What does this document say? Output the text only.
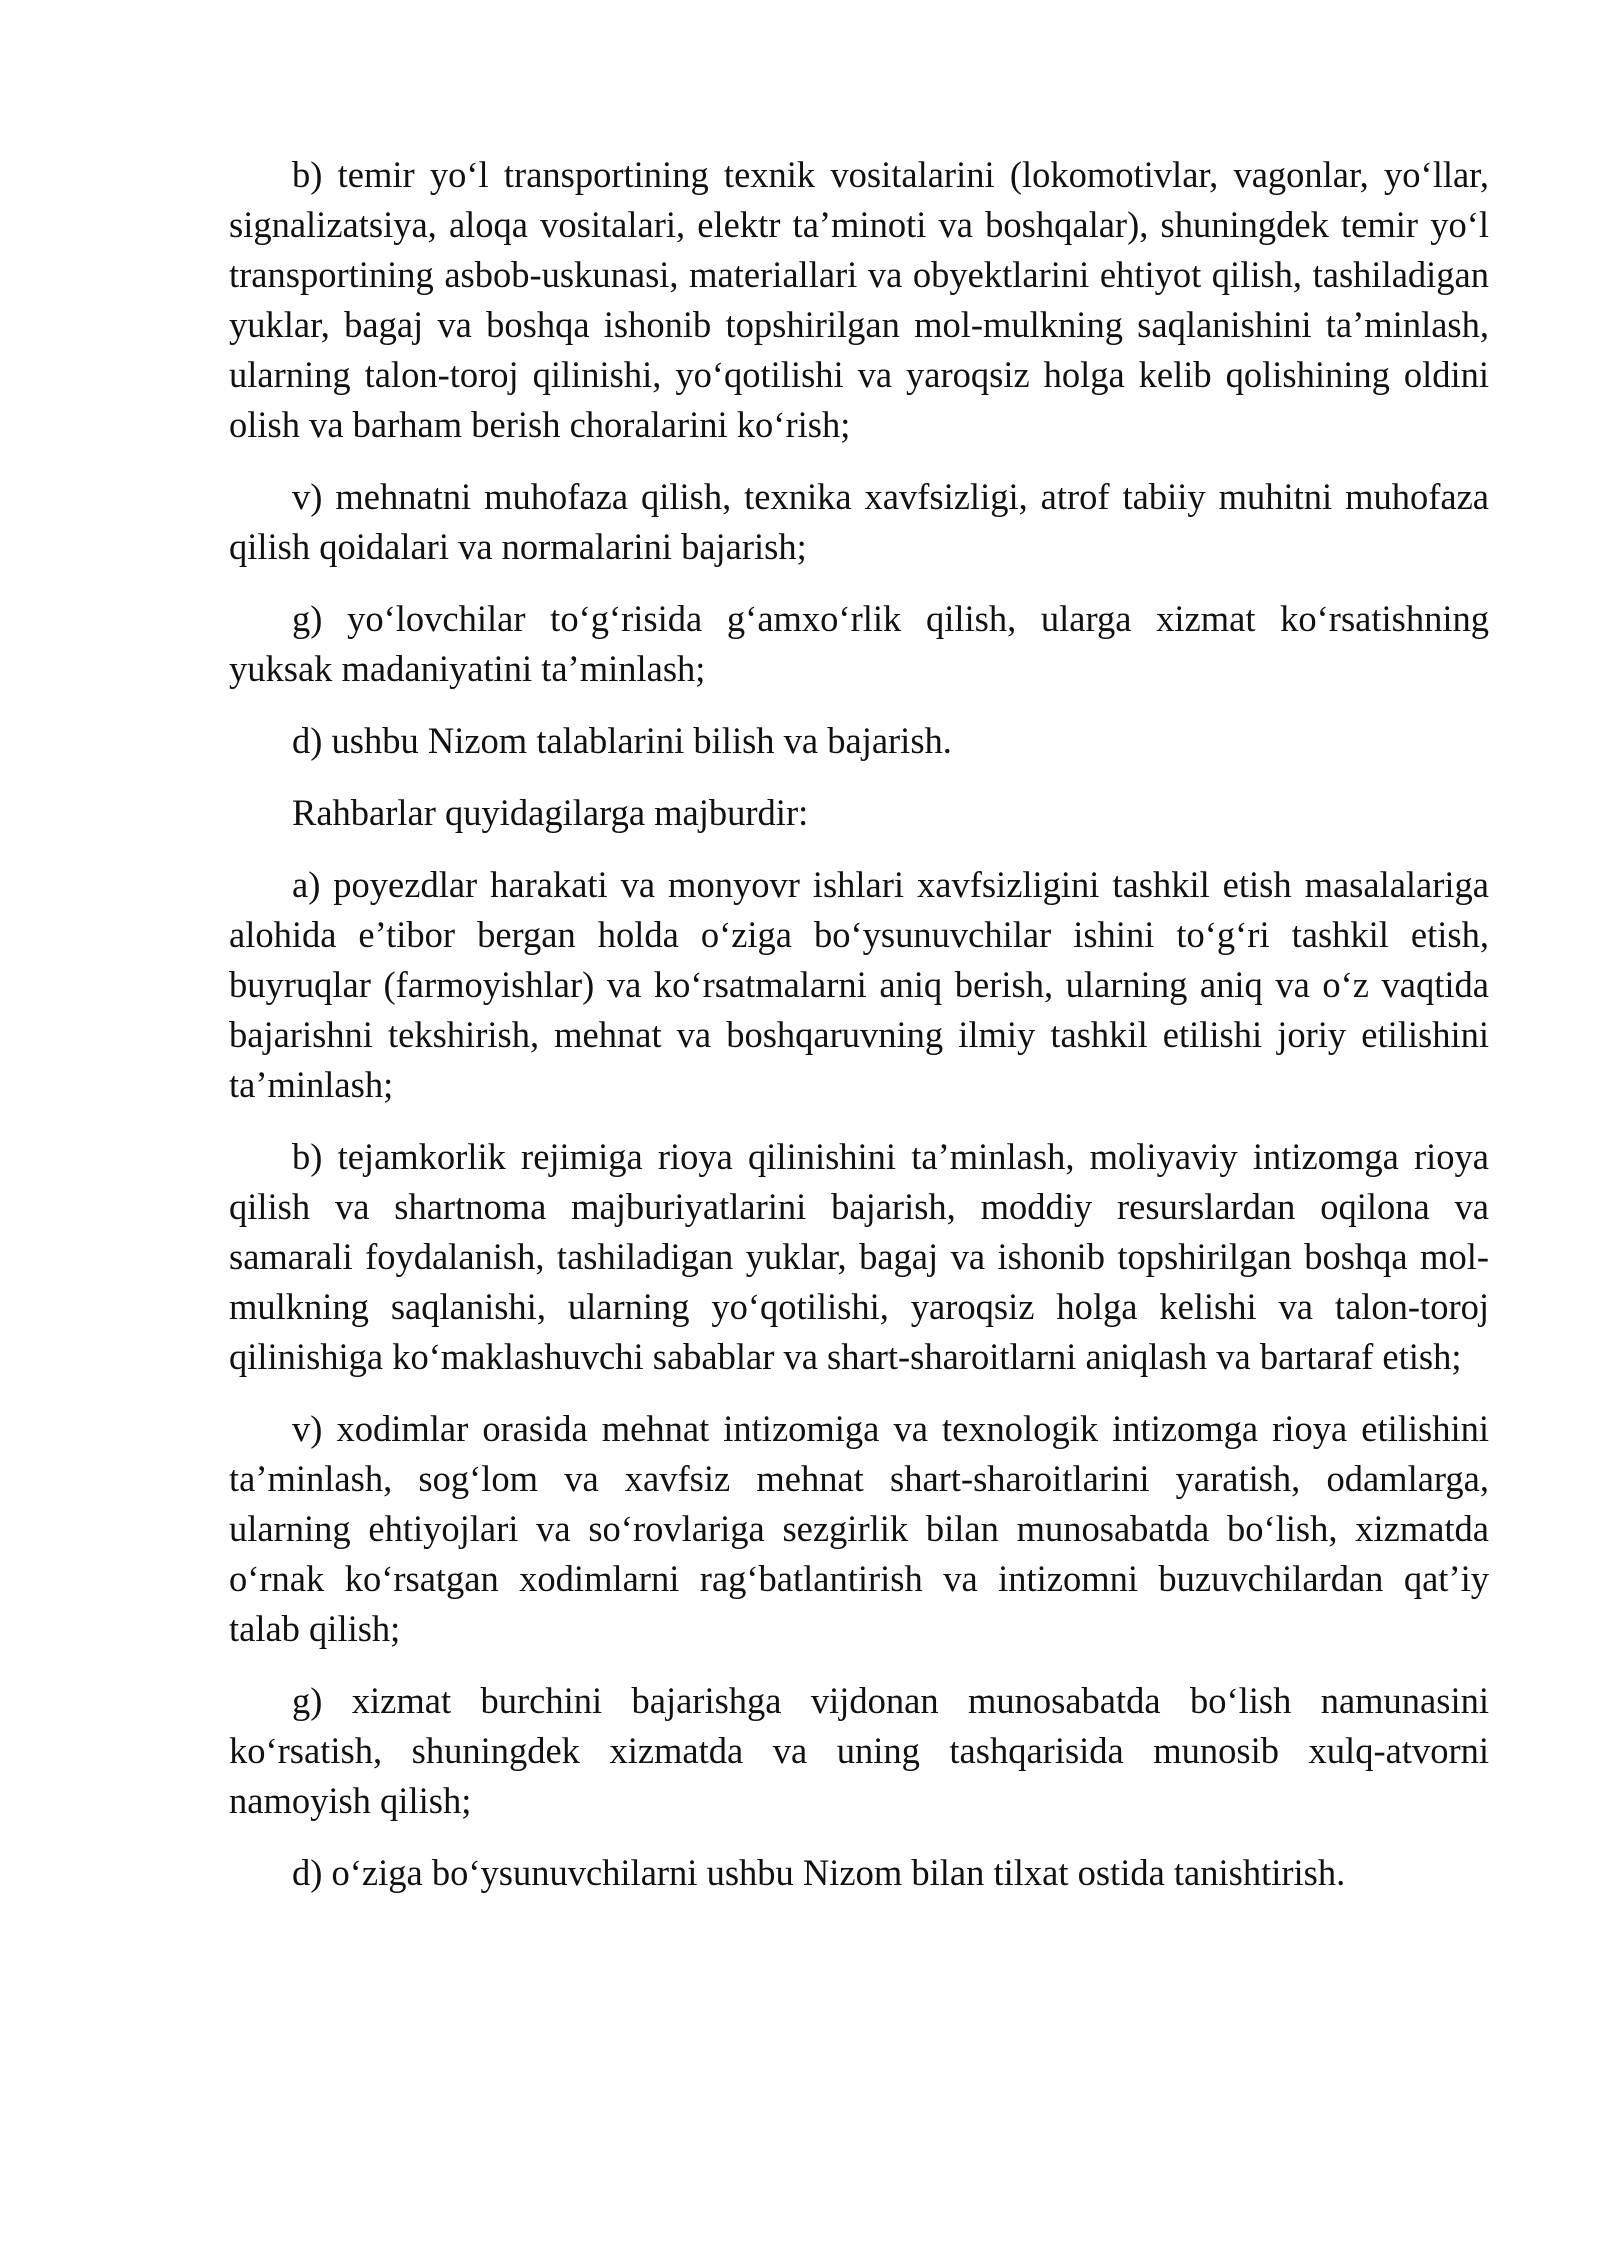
b) temir yo‘l transportining texnik vositalarini (lokomotivlar, vagonlar, yo‘llar, signalizatsiya, aloqa vositalari, elektr ta’minoti va boshqalar), shuningdek temir yo‘l transportining asbob-uskunasi, materiallari va obyektlarini ehtiyot qilish, tashiladigan yuklar, bagaj va boshqa ishonib topshirilgan mol-mulkning saqlanishini ta’minlash, ularning talon-toroj qilinishi, yo‘qotilishi va yaroqsiz holga kelib qolishining oldini olish va barham berish choralarini ko‘rish;

v) mehnatni muhofaza qilish, texnika xavfsizligi, atrof tabiiy muhitni muhofaza qilish qoidalari va normalarini bajarish;

g) yo‘lovchilar to‘g‘risida g‘amxo‘rlik qilish, ularga xizmat ko‘rsatishning yuksak madaniyatini ta’minlash;

d) ushbu Nizom talablarini bilish va bajarish.

Rahbarlar quyidagilarga majburdir:

a) poyezdlar harakati va monyovr ishlari xavfsizligini tashkil etish masalalariga alohida e’tibor bergan holda o‘ziga bo‘ysunuvchilar ishini to‘g‘ri tashkil etish, buyruqlar (farmoyishlar) va ko‘rsatmalarni aniq berish, ularning aniq va o‘z vaqtida bajarishni tekshirish, mehnat va boshqaruvning ilmiy tashkil etilishi joriy etilishini ta’minlash;

b) tejamkorlik rejimiga rioya qilinishini ta’minlash, moliyaviy intizomga rioya qilish va shartnoma majburiyatlarini bajarish, moddiy resurslardan oqilona va samarali foydalanish, tashiladigan yuklar, bagaj va ishonib topshirilgan boshqa mol-mulkning saqlanishi, ularning yo‘qotilishi, yaroqsiz holga kelishi va talon-toroj qilinishiga ko‘maklashuvchi sabablar va shart-sharoitlarni aniqlash va bartaraf etish;

v) xodimlar orasida mehnat intizomiga va texnologik intizomga rioya etilishini ta’minlash, sog‘lom va xavfsiz mehnat shart-sharoitlarini yaratish, odamlarga, ularning ehtiyojlari va so‘rovlariga sezgirlik bilan munosabatda bo‘lish, xizmatda o‘rnak ko‘rsatgan xodimlarni rag‘batlantirish va intizomni buzuvchilardan qat’iy talab qilish;

g) xizmat burchini bajarishga vijdonan munosabatda bo‘lish namunasini ko‘rsatish, shuningdek xizmatda va uning tashqarisida munosib xulq-atvorni namoyish qilish;

d) o‘ziga bo‘ysunuvchilarni ushbu Nizom bilan tilxat ostida tanishtirish.
